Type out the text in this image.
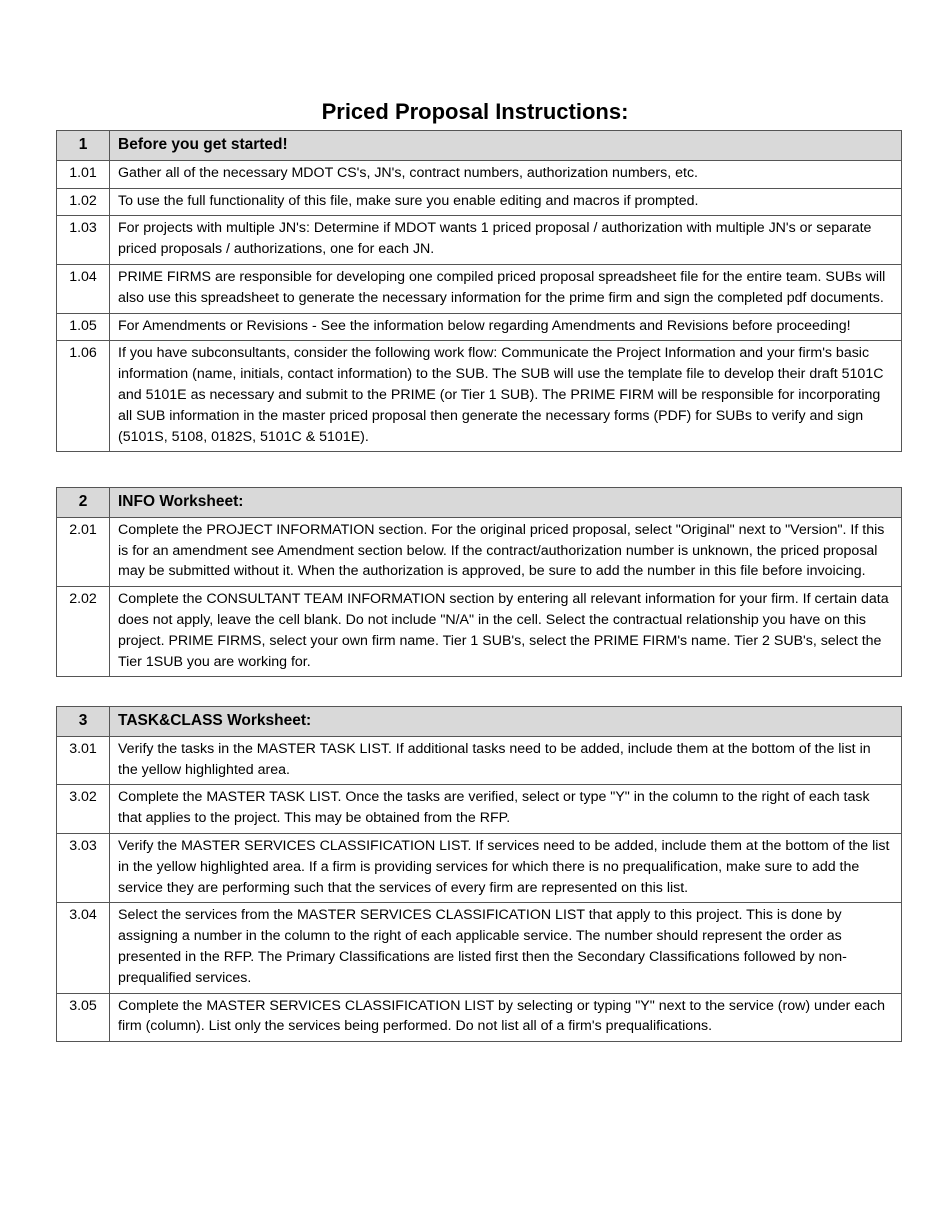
Priced Proposal Instructions:
1	Before you get started!
1.01	Gather all of the necessary MDOT CS's, JN's, contract numbers, authorization numbers, etc.
1.02	To use the full functionality of this file, make sure you enable editing and macros if prompted.
1.03	For projects with multiple JN's: Determine if MDOT wants 1 priced proposal / authorization with multiple JN's or separate priced proposals / authorizations, one for each JN.
1.04	PRIME FIRMS are responsible for developing one compiled priced proposal spreadsheet file for the entire team. SUBs will also use this spreadsheet to generate the necessary information for the prime firm and sign the completed pdf documents.
1.05	For Amendments or Revisions - See the information below regarding Amendments and Revisions before proceeding!
1.06	If you have subconsultants, consider the following work flow: Communicate the Project Information and your firm's basic information (name, initials, contact information) to the SUB. The SUB will use the template file to develop their draft 5101C and 5101E as necessary and submit to the PRIME (or Tier 1 SUB). The PRIME FIRM will be responsible for incorporating all SUB information in the master priced proposal then generate the necessary forms (PDF) for SUBs to verify and sign (5101S, 5108, 0182S, 5101C & 5101E).
2	INFO Worksheet:
2.01	Complete the PROJECT INFORMATION section. For the original priced proposal, select "Original" next to "Version". If this is for an amendment see Amendment section below. If the contract/authorization number is unknown, the priced proposal may be submitted without it. When the authorization is approved, be sure to add the number in this file before invoicing.
2.02	Complete the CONSULTANT TEAM INFORMATION section by entering all relevant information for your firm. If certain data does not apply, leave the cell blank. Do not include "N/A" in the cell. Select the contractual relationship you have on this project. PRIME FIRMS, select your own firm name. Tier 1 SUB's, select the PRIME FIRM's name. Tier 2 SUB's, select the Tier 1SUB you are working for.
3	TASK&CLASS Worksheet:
3.01	Verify the tasks in the MASTER TASK LIST. If additional tasks need to be added, include them at the bottom of the list in the yellow highlighted area.
3.02	Complete the MASTER TASK LIST. Once the tasks are verified, select or type "Y" in the column to the right of each task that applies to the project. This may be obtained from the RFP.
3.03	Verify the MASTER SERVICES CLASSIFICATION LIST. If services need to be added, include them at the bottom of the list in the yellow highlighted area. If a firm is providing services for which there is no prequalification, make sure to add the service they are performing such that the services of every firm are represented on this list.
3.04	Select the services from the MASTER SERVICES CLASSIFICATION LIST that apply to this project. This is done by assigning a number in the column to the right of each applicable service. The number should represent the order as presented in the RFP. The Primary Classifications are listed first then the Secondary Classifications followed by non-prequalified services.
3.05	Complete the MASTER SERVICES CLASSIFICATION LIST by selecting or typing "Y" next to the service (row) under each firm (column). List only the services being performed. Do not list all of a firm's prequalifications.
